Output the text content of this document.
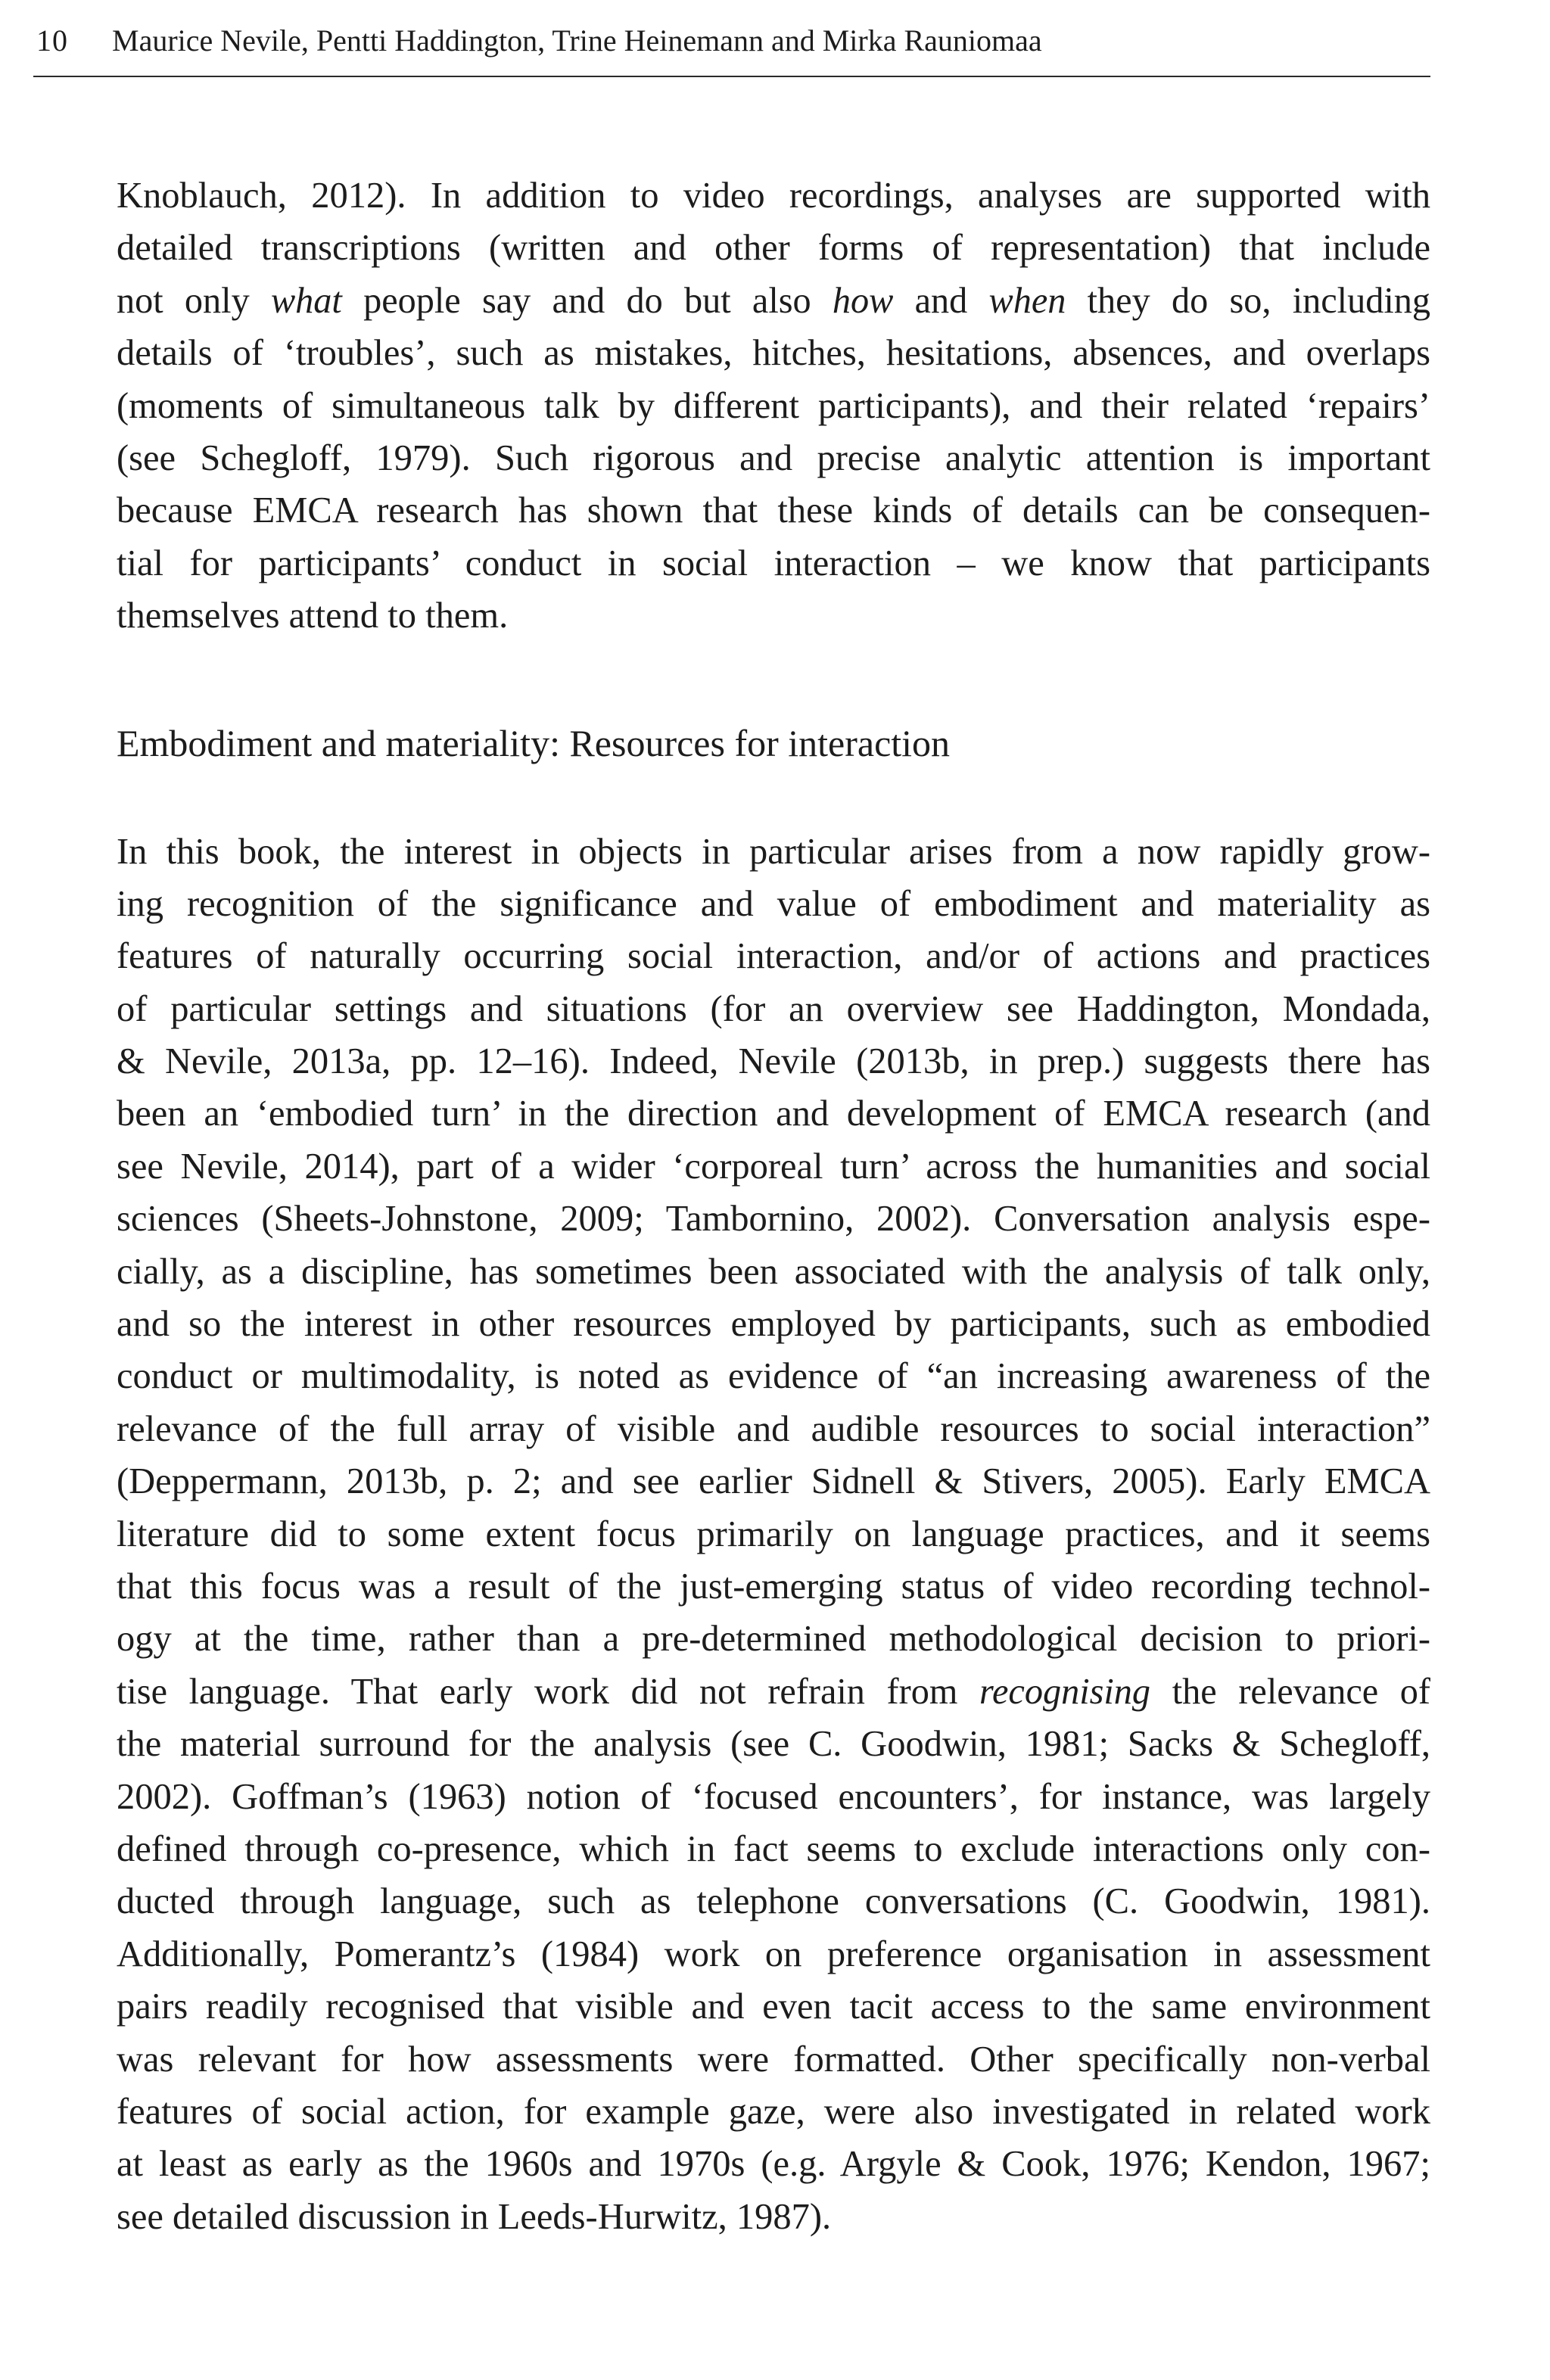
10 Maurice Nevile, Pentti Haddington, Trine Heinemann and Mirka Rauniomaa

Knoblauch, 2012). In addition to video recordings, analyses are supported with
detailed transcriptions (written and other forms of representation) that include
not only what people say and do but also how and when they do so, including
details of ‘troubles’, such as mistakes, hitches, hesitations, absences, and overlaps
(moments of simultaneous talk by different participants), and their related ‘repairs’
(see Schegloff, 1979). Such rigorous and precise analytic attention is important
because EMCA research has shown that these kinds of details can be consequen-
tial for participants’ conduct in social interaction – we know that participants
themselves attend to them.

Embodiment and materiality: Resources for interaction

In this book, the interest in objects in particular arises from a now rapidly grow-
ing recognition of the significance and value of embodiment and materiality as
features of naturally occurring social interaction, and/or of actions and practices
of particular settings and situations (for an overview see Haddington, Mondada,
& Nevile, 2013a, pp. 12–16). Indeed, Nevile (2013b, in prep.) suggests there has
been an ‘embodied turn’ in the direction and development of EMCA research (and
see Nevile, 2014), part of a wider ‘corporeal turn’ across the humanities and social
sciences (Sheets-Johnstone, 2009; Tambornino, 2002). Conversation analysis espe-
cially, as a discipline, has sometimes been associated with the analysis of talk only,
and so the interest in other resources employed by participants, such as embodied
conduct or multimodality, is noted as evidence of “an increasing awareness of the
relevance of the full array of visible and audible resources to social interaction”
(Deppermann, 2013b, p. 2; and see earlier Sidnell & Stivers, 2005). Early EMCA
literature did to some extent focus primarily on language practices, and it seems
that this focus was a result of the just-emerging status of video recording technol-
ogy at the time, rather than a pre-determined methodological decision to priori-
tise language. That early work did not refrain from recognising the relevance of
the material surround for the analysis (see C. Goodwin, 1981; Sacks & Schegloff,
2002). Goffman’s (1963) notion of ‘focused encounters’, for instance, was largely
defined through co-presence, which in fact seems to exclude interactions only con-
ducted through language, such as telephone conversations (C. Goodwin, 1981).
Additionally, Pomerantz’s (1984) work on preference organisation in assessment
pairs readily recognised that visible and even tacit access to the same environment
was relevant for how assessments were formatted. Other specifically non-verbal
features of social action, for example gaze, were also investigated in related work
at least as early as the 1960s and 1970s (e.g. Argyle & Cook, 1976; Kendon, 1967;
see detailed discussion in Leeds-Hurwitz, 1987).
